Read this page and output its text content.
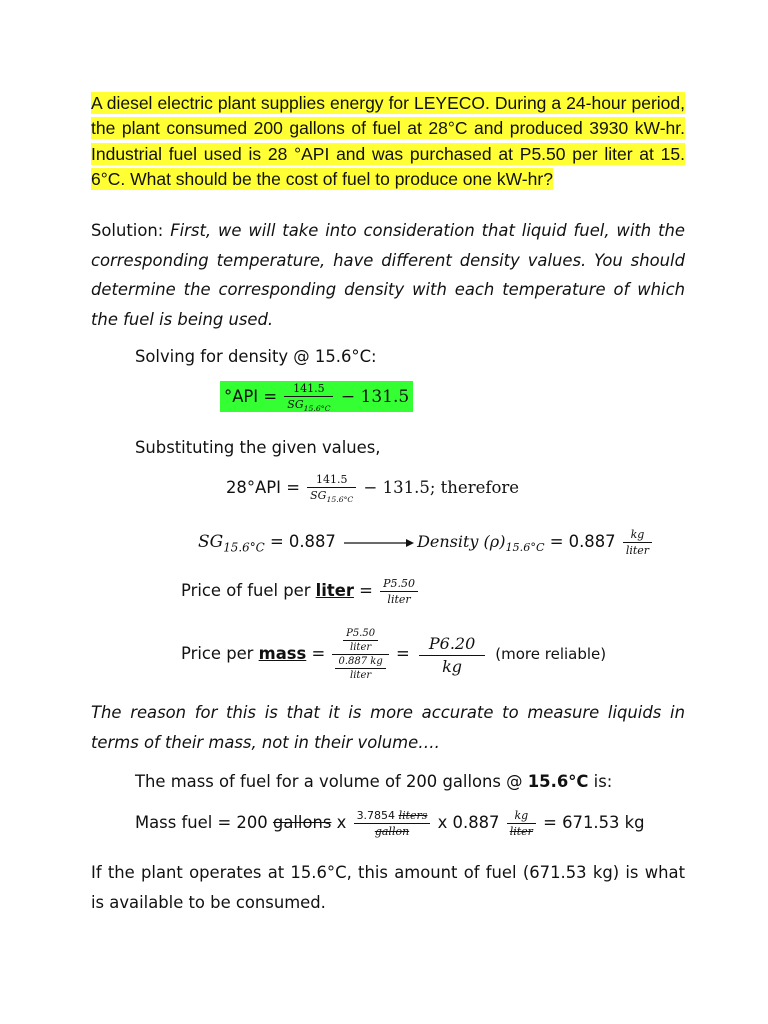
A diesel electric plant supplies energy for LEYECO. During a 24-hour period, the plant consumed 200 gallons of fuel at 28°C and produced 3930 kW-hr. Industrial fuel used is 28 °API and was purchased at P5.50 per liter at 15. 6°C. What should be the cost of fuel to produce one kW-hr?
Solution: First, we will take into consideration that liquid fuel, with the corresponding temperature, have different density values. You should determine the corresponding density with each temperature of which the fuel is being used.
Solving for density @ 15.6°C:
$^\circ API = \frac{141.5}{SG_{15.6^\circ C}} - 131.5$
Substituting the given values,
$28^\circ API = \frac{141.5}{SG_{15.6^\circ C}} - 131.5$; therefore
$SG_{15.6^\circ C} = 0.887$	Density $(\rho)_{15.6^\circ C} = 0.887 \frac{kg}{\text{liter}}$
Price of fuel per liter = $\frac{P5.50}{\text{liter}}$
Price per mass = $\frac{\frac{P5.50}{\text{liter}}}{\frac{0.887 kg}{\text{liter}}} = \frac{P6.20}{kg}$ (more reliable)
The reason for this is that it is more accurate to measure liquids in terms of their mass, not in their volume….
The mass of fuel for a volume of 200 gallons @ 15.6°C is:
Mass fuel = 200 gallons x $\frac{\text{3.7854 liters}}{\text{gallon}}$ x $0.887 \frac{kg}{\text{liter}} = 671.53$ kg
If the plant operates at 15.6°C, this amount of fuel (671.53 kg) is what is available to be consumed.
